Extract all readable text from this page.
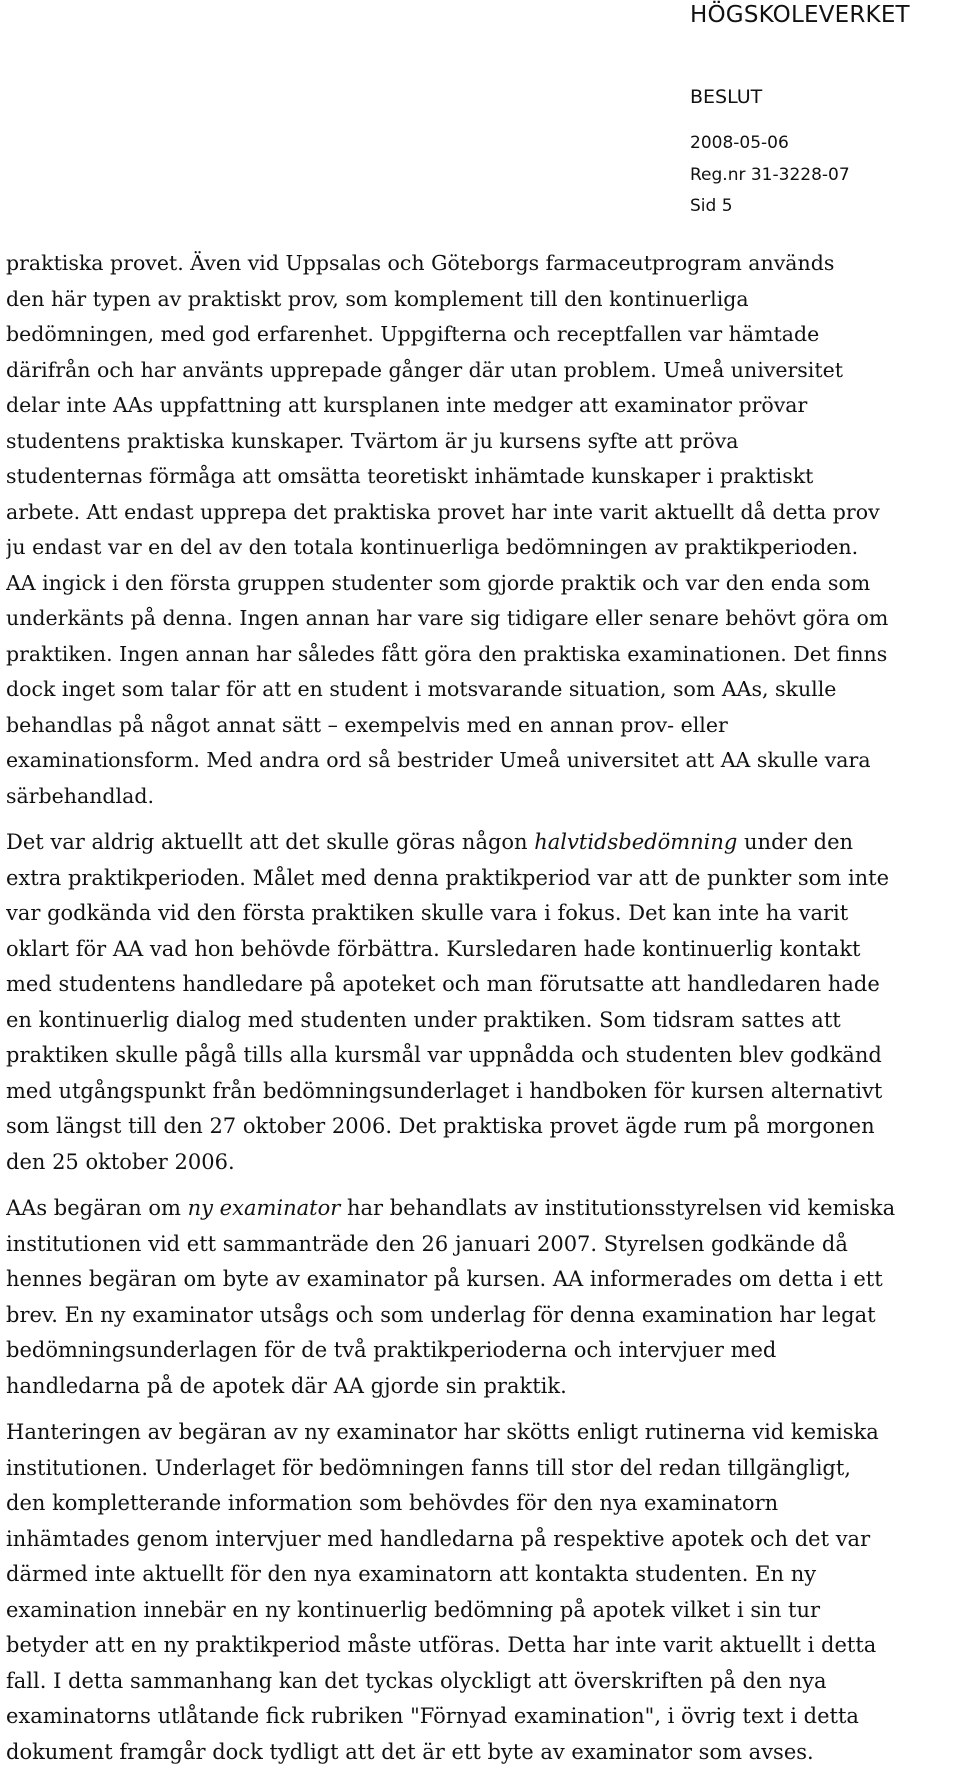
HÖGSKOLEVERKET
BESLUT
2008-05-06
Reg.nr 31-3228-07
Sid 5
praktiska provet. Även vid Uppsalas och Göteborgs farmaceutprogram används
den här typen av praktiskt prov, som komplement till den kontinuerliga
bedömningen, med god erfarenhet. Uppgifterna och receptfallen var hämtade
därifrån och har använts upprepade gånger där utan problem. Umeå universitet
delar inte AAs uppfattning att kursplanen inte medger att examinator prövar
studentens praktiska kunskaper. Tvärtom är ju kursens syfte att pröva
studenternas förmåga att omsätta teoretiskt inhämtade kunskaper i praktiskt
arbete. Att endast upprepa det praktiska provet har inte varit aktuellt då detta prov
ju endast var en del av den totala kontinuerliga bedömningen av praktikperioden.
AA ingick i den första gruppen studenter som gjorde praktik och var den enda som
underkänts på denna. Ingen annan har vare sig tidigare eller senare behövt göra om
praktiken. Ingen annan har således fått göra den praktiska examinationen. Det finns
dock inget som talar för att en student i motsvarande situation, som AAs, skulle
behandlas på något annat sätt – exempelvis med en annan prov- eller
examinationsform. Med andra ord så bestrider Umeå universitet att AA skulle vara
särbehandlad.
Det var aldrig aktuellt att det skulle göras någon halvtidsbedömning under den
extra praktikperioden. Målet med denna praktikperiod var att de punkter som inte
var godkända vid den första praktiken skulle vara i fokus. Det kan inte ha varit
oklart för AA vad hon behövde förbättra. Kursledaren hade kontinuerlig kontakt
med studentens handledare på apoteket och man förutsatte att handledaren hade
en kontinuerlig dialog med studenten under praktiken. Som tidsram sattes att
praktiken skulle pågå tills alla kursmål var uppnådda och studenten blev godkänd
med utgångspunkt från bedömningsunderlaget i handboken för kursen alternativt
som längst till den 27 oktober 2006. Det praktiska provet ägde rum på morgonen
den 25 oktober 2006.
AAs begäran om ny examinator har behandlats av institutionsstyrelsen vid kemiska
institutionen vid ett sammanträde den 26 januari 2007. Styrelsen godkände då
hennes begäran om byte av examinator på kursen. AA informerades om detta i ett
brev. En ny examinator utsågs och som underlag för denna examination har legat
bedömningsunderlagen för de två praktikperioderna och intervjuer med
handledarna på de apotek där AA gjorde sin praktik.
Hanteringen av begäran av ny examinator har skötts enligt rutinerna vid kemiska
institutionen. Underlaget för bedömningen fanns till stor del redan tillgängligt,
den kompletterande information som behövdes för den nya examinatorn
inhämtades genom intervjuer med handledarna på respektive apotek och det var
därmed inte aktuellt för den nya examinatorn att kontakta studenten. En ny
examination innebär en ny kontinuerlig bedömning på apotek vilket i sin tur
betyder att en ny praktikperiod måste utföras. Detta har inte varit aktuellt i detta
fall. I detta sammanhang kan det tyckas olyckligt att överskriften på den nya
examinatorns utlåtande fick rubriken "Förnyad examination", i övrig text i detta
dokument framgår dock tydligt att det är ett byte av examinator som avses.
